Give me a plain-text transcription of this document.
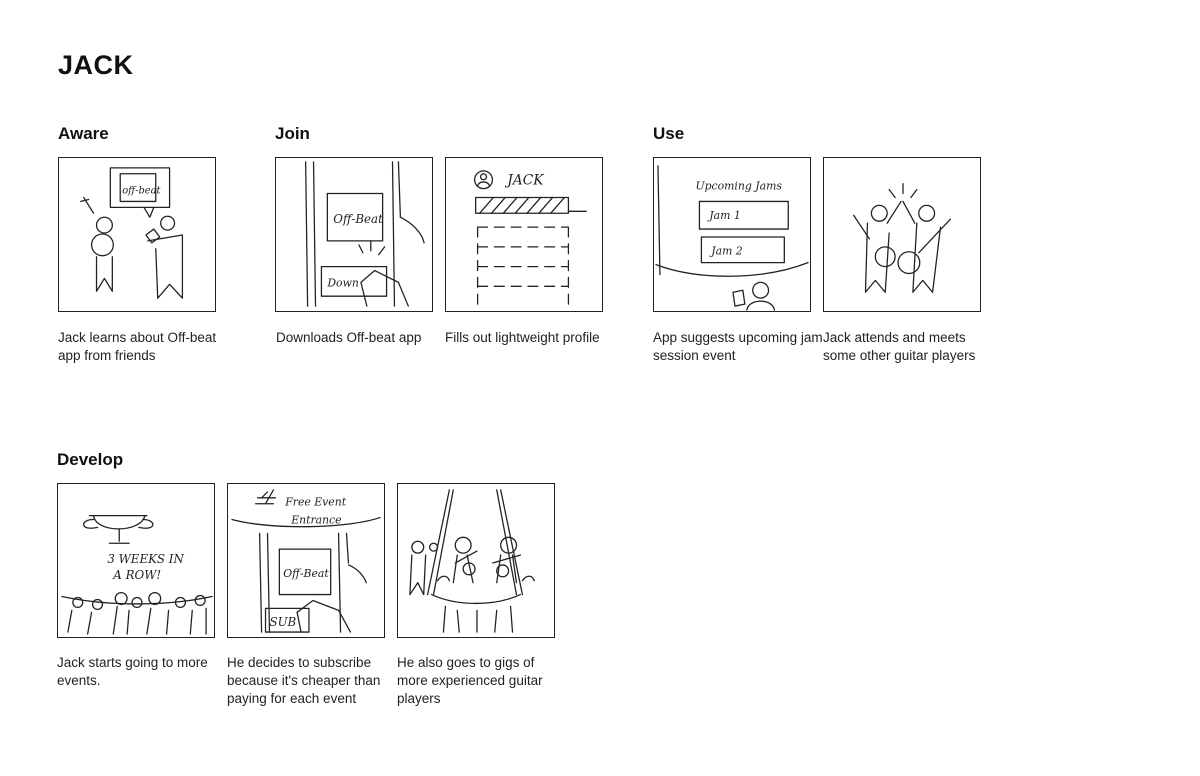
JACK
Aware	Join	Use
Develop
off-beat

Jack learns about Off-beat app from friends

Off-Beat
Down

Downloads Off-beat app

JACK

Fills out lightweight profile

Upcoming Jams
Jam 1
Jam 2

App suggests upcoming jam session event

Jack attends and meets some other guitar players

3 WEEKS IN
A ROW!

Jack starts going to more events.

Free Event
Entrance
Off-Beat
SUB

He decides to subscribe because it's cheaper than paying for each event

He also goes to gigs of more experienced guitar players
